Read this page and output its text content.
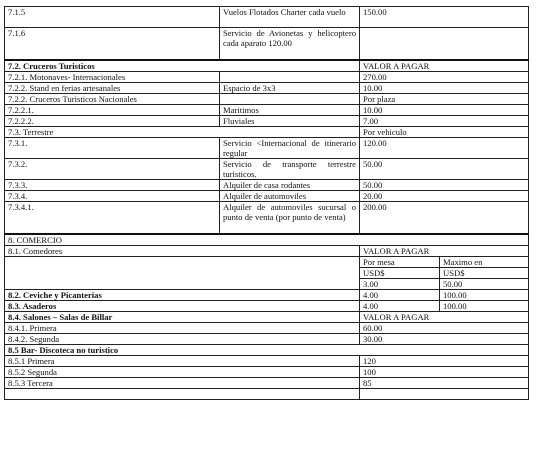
7.1.5	Vuelos Flotados Charter cada vuelo	150.00	
7.1.6	Servicio de Avionetas y helicoptero cada aparato 120.00		
7.2. Cruceros Turisticos		VALOR A PAGAR	
7.2.1. Motonaves- Internacionales		270.00	
7.2.2. Stand en ferias artesanales	Espacio de 3x3	10.00	
7.2.2. Cruceros Turisticos Nacionales		Por plaza	
7.2.2.1.	Maritimos	10.00	
7.2.2.2.	Fluviales	7.00	
7.3. Terrestre		Por vehiculo	
7.3.1.	Servicio <Internacional de itinerario regular	120.00	
7.3.2.	Servicio de transporte terrestre turisticos.	50.00	
7.3.3.	Alquiler de casa rodantes	50.00	
7.3.4.	Alquiler de automoviles	20.00	
7.3.4.1.	Alquiler de automoviles sucursal o punto de venta (por punto de venta)	200.00	
8. COMERCIO			
8.1. Comedores		VALOR A PAGAR	
		Por mesa	Maximo en
		USD$	USD$
		3.00	50.00
8.2. Ceviche y Picanterias		4.00	100.00
8.3. Asaderos		4.00	100.00
8.4. Salones – Salas de Billar		VALOR A PAGAR	
8.4.1. Primera		60.00	
8.4.2. Segunda		30.00	
8.5 Bar- Discoteca no turistico			
8.5.1 Primera		120	
8.5.2 Segunda		100	
8.5.3 Tercera		85	
